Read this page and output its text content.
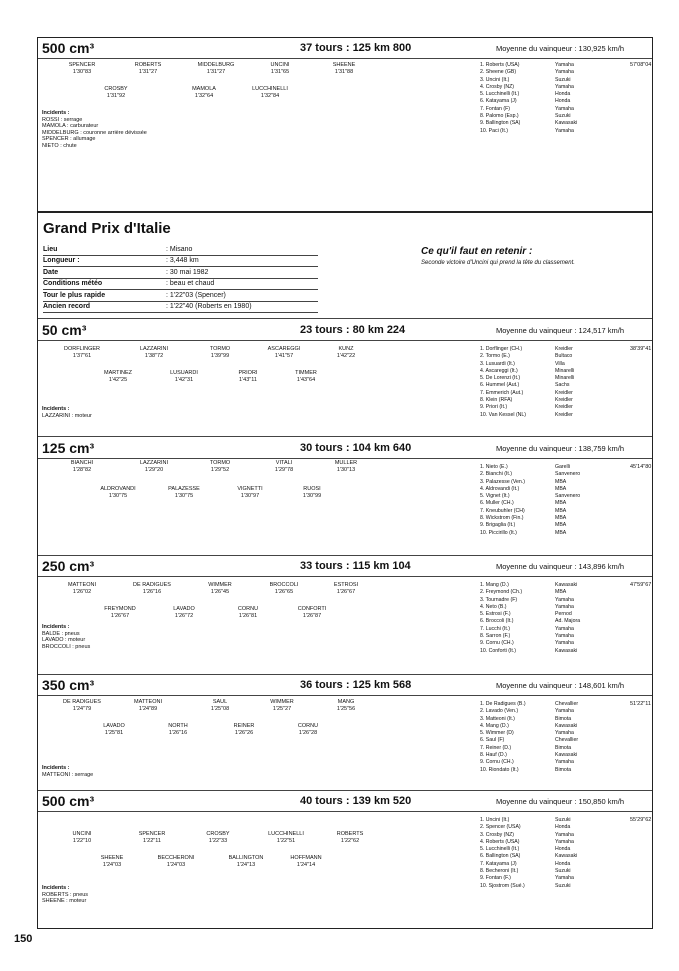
500 cm³	37 tours : 125 km 800	Moyenne du vainqueur : 130,925 km/h
SPENCER
1'30"83
ROBERTS
1'31"27
MIDDELBURG
1'31"27
UNCINI
1'31"65
SHEENE
1'31"88
CROSBY
1'31"92
MAMOLA
1'32"64
LUCCHINELLI
1'32"84
Incidents :
ROSSI : serrage
MAMOLA : carburateur
MIDDELBURG : couronne arrière dévissée
SPENCER : allumage
NIETO : chute
1. Roberts (USA)	Yamaha
2. Sheene (GB)	Yamaha
3. Uncini (It.)	Suzuki
4. Crosby (NZ)	Yamaha
5. Lucchinelli (It.)	Honda
6. Katayama (J)	Honda
7. Fontan (F)	Yamaha
8. Palomo (Esp.)	Suzuki
9. Ballington (SA)	Kawasaki
10. Paci (It.)	Yamaha
57'08"04
Grand Prix d'Italie
Lieu	: Misano
Longueur :	: 3,448 km
Date	: 30 mai 1982
Conditions météo	: beau et chaud
Tour le plus rapide	: 1'22"03 (Spencer)
Ancien record	: 1'22"40 (Roberts en 1980)
Ce qu'il faut en retenir :
Seconde victoire d'Uncini qui prend la tête du classement.
50 cm³	23 tours : 80 km 224	Moyenne du vainqueur : 124,517 km/h
DORFLINGER
1'37"61
LAZZARINI
1'38"72
TORMO
1'39"99
ASCAREGGI
1'41"57
KUNZ
1'42"22
MARTINEZ
1'42"25
LUSUARDI
1'42"31
PRIORI
1'43"11
TIMMER
1'43"64
Incidents :
LAZZARINI : moteur
1. Dorflinger (CH.)	Kreidler
2. Tormo (E.)	Bultaco
3. Lusuardi (It.)	Villa
4. Ascareggi (It.)	Minarelli
5. De Lorenzi (It.)	Minarelli
6. Hummel (Aut.)	Sachs
7. Emmerich (Aut.)	Kreidler
8. Klein (RFA)	Kreidler
9. Priori (It.)	Kreidler
10. Van Kessel (NL)	Kreidler
38'39"41
125 cm³	30 tours : 104 km 640	Moyenne du vainqueur : 138,759 km/h
BIANCHI
1'28"82
LAZZARINI
1'29"20
TORMO
1'29"52
VITALI
1'29"78
MULLER
1'30"13
ALDROVANDI
1'30"75
PALAZESSE
1'30"75
VIGNETTI
1'30"97
RUOSI
1'30"99
1. Nieto (E.)	Garelli
2. Bianchi (It.)	Sanvenero
3. Palazesse (Ven.)	MBA
4. Aldrovandi (It.)	MBA
5. Vignet (It.)	Sanvenero
6. Muller (CH.)	MBA
7. Kneubuhler (CH)	MBA
8. Wickstrom (Fin.)	MBA
9. Brigaglia (It.)	MBA
10. Piccirillo (It.)	MBA
45'14"80
250 cm³	33 tours : 115 km 104	Moyenne du vainqueur : 143,896 km/h
MATTEONI
1'26"02
DE RADIGUES
1'26"16
WIMMER
1'26"45
BROCCOLI
1'26"65
ESTROSI
1'26"67
FREYMOND
1'26"67
LAVADO
1'26"72
CORNU
1'26"81
CONFORTI
1'26"87
Incidents :
BALDE : pneus
LAVADO : moteur
BROCCOLI : pneus
1. Mang (D.)	Kawasaki
2. Freymond (Ch.)	MBA
3. Tournadre (F)	Yamaha
4. Neto (B.)	Yamaha
5. Estrosi (F.)	Pernod
6. Broccoli (It.)	Ad. Majora
7. Lucchi (It.)	Yamaha
8. Sarron (F.)	Yamaha
9. Cornu (CH.)	Yamaha
10. Conforti (It.)	Kawasaki
47'59"67
350 cm³	36 tours : 125 km 568	Moyenne du vainqueur : 148,601 km/h
DE RADIGUES
1'24"79
MATTEONI
1'24"89
SAUL
1'25"08
WIMMER
1'25"27
MANG
1'25"56
LAVADO
1'25"81
NORTH
1'26"16
REINER
1'26"26
CORNU
1'26"28
Incidents :
MATTEONI : serrage
1. De Radigues (B.)	Chevallier
2. Lavado (Ven.)	Yamaha
3. Matteoni (It.)	Bimota
4. Mang (D.)	Kawasaki
5. Wimmer (D)	Yamaha
6. Saul (F)	Chevallier
7. Reiner (D.)	Bimota
8. Hauf (D.)	Kawasaki
9. Cornu (CH.)	Yamaha
10. Riondato (It.)	Bimota
51'22"11
500 cm³	40 tours : 139 km 520	Moyenne du vainqueur : 150,850 km/h
UNCINI
1'22"10
SPENCER
1'22"11
CROSBY
1'22"33
LUCCHINELLI
1'22"51
ROBERTS
1'22"62
SHEENE
1'24"03
BECCHERONI
1'24"03
BALLINGTON
1'24"13
HOFFMANN
1'24"14
Incidents :
ROBERTS : pneus
SHEENE : moteur
1. Uncini (It.)	Suzuki
2. Spencer (USA)	Honda
3. Crosby (NZ)	Yamaha
4. Roberts (USA)	Yamaha
5. Lucchinelli (It.)	Honda
6. Ballington (SA)	Kawasaki
7. Katayama (J)	Honda
8. Becheroni (It.)	Suzuki
9. Fontan (F.)	Yamaha
10. Sjostrom (Sué.)	Suzuki
55'29"62
150
